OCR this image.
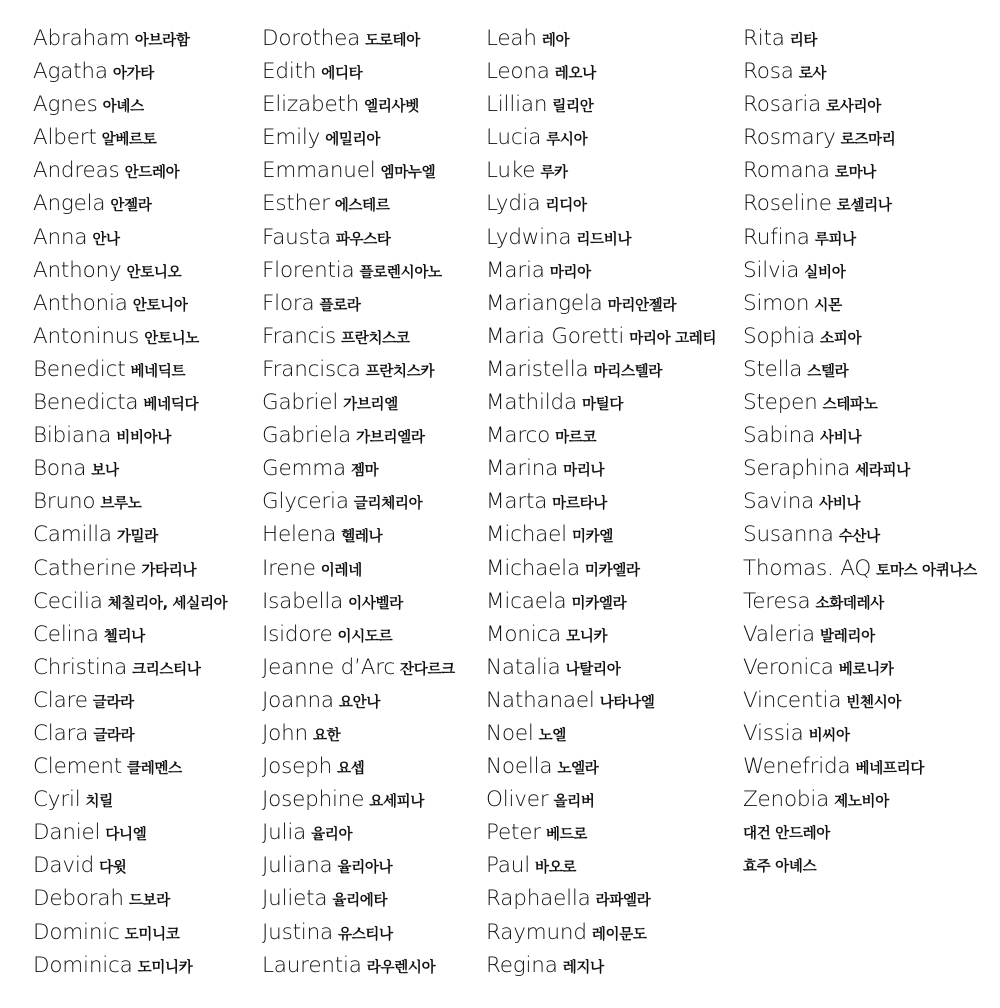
Abraham 아브라함
Agatha 아가타
Agnes 아녜스
Albert 알베르토
Andreas 안드레아
Angela 안젤라
Anna 안나
Anthony 안토니오
Anthonia 안토니아
Antoninus 안토니노
Benedict 베네딕트
Benedicta 베네딕다
Bibiana 비비아나
Bona 보나
Bruno 브루노
Camilla 가밀라
Catherine 가타리나
Cecilia 체칠리아, 세실리아
Celina 첼리나
Christina 크리스티나
Clare 글라라
Clara 글라라
Clement 클레멘스
Cyril 치릴
Daniel 다니엘
David 다윗
Deborah 드보라
Dominic 도미니코
Dominica 도미니카
Dorothea 도로테아
Edith 에디타
Elizabeth 엘리사벳
Emily 에밀리아
Emmanuel 엠마누엘
Esther 에스테르
Fausta 파우스타
Florentia 플로렌시아노
Flora 플로라
Francis 프란치스코
Francisca 프란치스카
Gabriel 가브리엘
Gabriela 가브리엘라
Gemma 젬마
Glyceria 글리체리아
Helena 헬레나
Irene 이레네
Isabella 이사벨라
Isidore 이시도르
Jeanne d’Arc 잔다르크
Joanna 요안나
John 요한
Joseph 요셉
Josephine 요세피나
Julia 율리아
Juliana 율리아나
Julieta 율리에타
Justina 유스티나
Laurentia 라우렌시아
Leah 레아
Leona 레오나
Lillian 릴리안
Lucia 루시아
Luke 루카
Lydia 리디아
Lydwina 리드비나
Maria 마리아
Mariangela 마리안젤라
Maria Goretti 마리아 고레티
Maristella 마리스텔라
Mathilda 마틸다
Marco 마르코
Marina 마리나
Marta 마르타나
Michael 미카엘
Michaela 미카엘라
Micaela 미카엘라
Monica 모니카
Natalia 나탈리아
Nathanael 나타나엘
Noel 노엘
Noella 노엘라
Oliver 올리버
Peter 베드로
Paul 바오로
Raphaella 라파엘라
Raymund 레이문도
Regina 레지나
Rita 리타
Rosa 로사
Rosaria 로사리아
Rosmary 로즈마리
Romana 로마나
Roseline 로셀리나
Rufina 루피나
Silvia 실비아
Simon 시몬
Sophia 소피아
Stella 스텔라
Stepen 스테파노
Sabina 사비나
Seraphina 세라피나
Savina 사비나
Susanna 수산나
Thomas. AQ 토마스 아퀴나스
Teresa 소화데레사
Valeria 발레리아
Veronica 베로니카
Vincentia 빈첸시아
Vissia 비씨아
Wenefrida 베네프리다
Zenobia 제노비아
대건 안드레아
효주 아녜스
